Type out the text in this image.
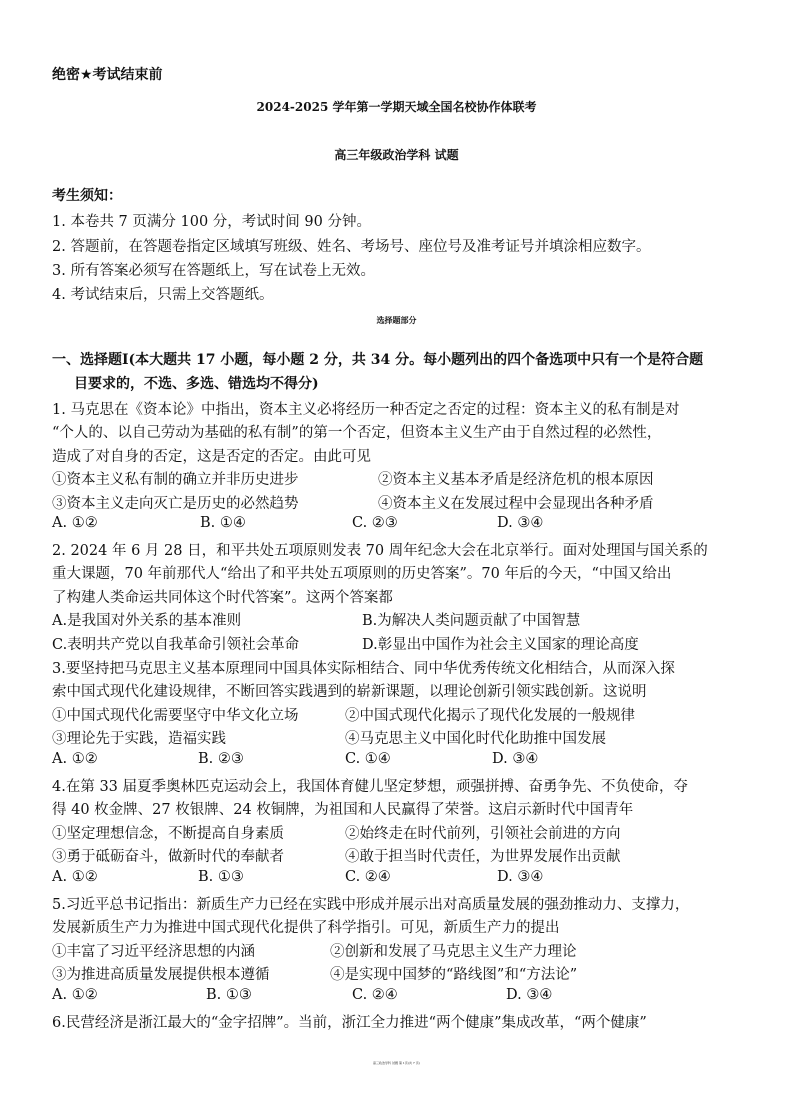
绝密★考试结束前
2024-2025 学年第一学期天域全国名校协作体联考
高三年级政治学科 试题
考生须知：
1. 本卷共 7 页满分 100 分，考试时间 90 分钟。
2. 答题前，在答题卷指定区域填写班级、姓名、考场号、座位号及准考证号并填涂相应数字。
3. 所有答案必须写在答题纸上，写在试卷上无效。
4. 考试结束后，只需上交答题纸。
选择题部分
一、选择题Ⅰ(本大题共 17 小题，每小题 2 分，共 34 分。每小题列出的四个备选项中只有一个是符合题
目要求的，不选、多选、错选均不得分)
1. 马克思在《资本论》中指出，资本主义必将经历一种否定之否定的过程：资本主义的私有制是对
“个人的、以自己劳动为基础的私有制”的第一个否定，但资本主义生产由于自然过程的必然性，
造成了对自身的否定，这是否定的否定。由此可见
①资本主义私有制的确立并非历史进步	②资本主义基本矛盾是经济危机的根本原因
③资本主义走向灭亡是历史的必然趋势	④资本主义在发展过程中会显现出各种矛盾
A. ①②	B. ①④	C. ②③	D. ③④
2. 2024 年 6 月 28 日，和平共处五项原则发表 70 周年纪念大会在北京举行。面对处理国与国关系的
重大课题，70 年前那代人“给出了和平共处五项原则的历史答案”。70 年后的今天，“中国又给出
了构建人类命运共同体这个时代答案”。这两个答案都
A.是我国对外关系的基本准则	B.为解决人类问题贡献了中国智慧
C.表明共产党以自我革命引领社会革命	D.彰显出中国作为社会主义国家的理论高度
3.要坚持把马克思主义基本原理同中国具体实际相结合、同中华优秀传统文化相结合，从而深入探
索中国式现代化建设规律，不断回答实践遇到的崭新课题，以理论创新引领实践创新。这说明
①中国式现代化需要坚守中华文化立场	②中国式现代化揭示了现代化发展的一般规律
③理论先于实践，造福实践	④马克思主义中国化时代化助推中国发展
A. ①②	B. ②③	C. ①④	D. ③④
4.在第 33 届夏季奥林匹克运动会上，我国体育健儿坚定梦想，顽强拼搏、奋勇争先、不负使命，夺
得 40 枚金牌、27 枚银牌、24 枚铜牌，为祖国和人民赢得了荣誉。这启示新时代中国青年
①坚定理想信念，不断提高自身素质	②始终走在时代前列，引领社会前进的方向
③勇于砥砺奋斗，做新时代的奉献者	④敢于担当时代责任，为世界发展作出贡献
A. ①②	B. ①③	C. ②④	D. ③④
5.习近平总书记指出：新质生产力已经在实践中形成并展示出对高质量发展的强劲推动力、支撑力，
发展新质生产力为推进中国式现代化提供了科学指引。可见，新质生产力的提出
①丰富了习近平经济思想的内涵	②创新和发展了马克思主义生产力理论
③为推进高质量发展提供根本遵循	④是实现中国梦的“路线图”和“方法论”
A. ①②	B. ①③	C. ②④	D. ③④
6.民营经济是浙江最大的“金字招牌”。当前，浙江全力推进“两个健康”集成改革，“两个健康”
高三政治学科 试题 第 1页(共 7 页)
